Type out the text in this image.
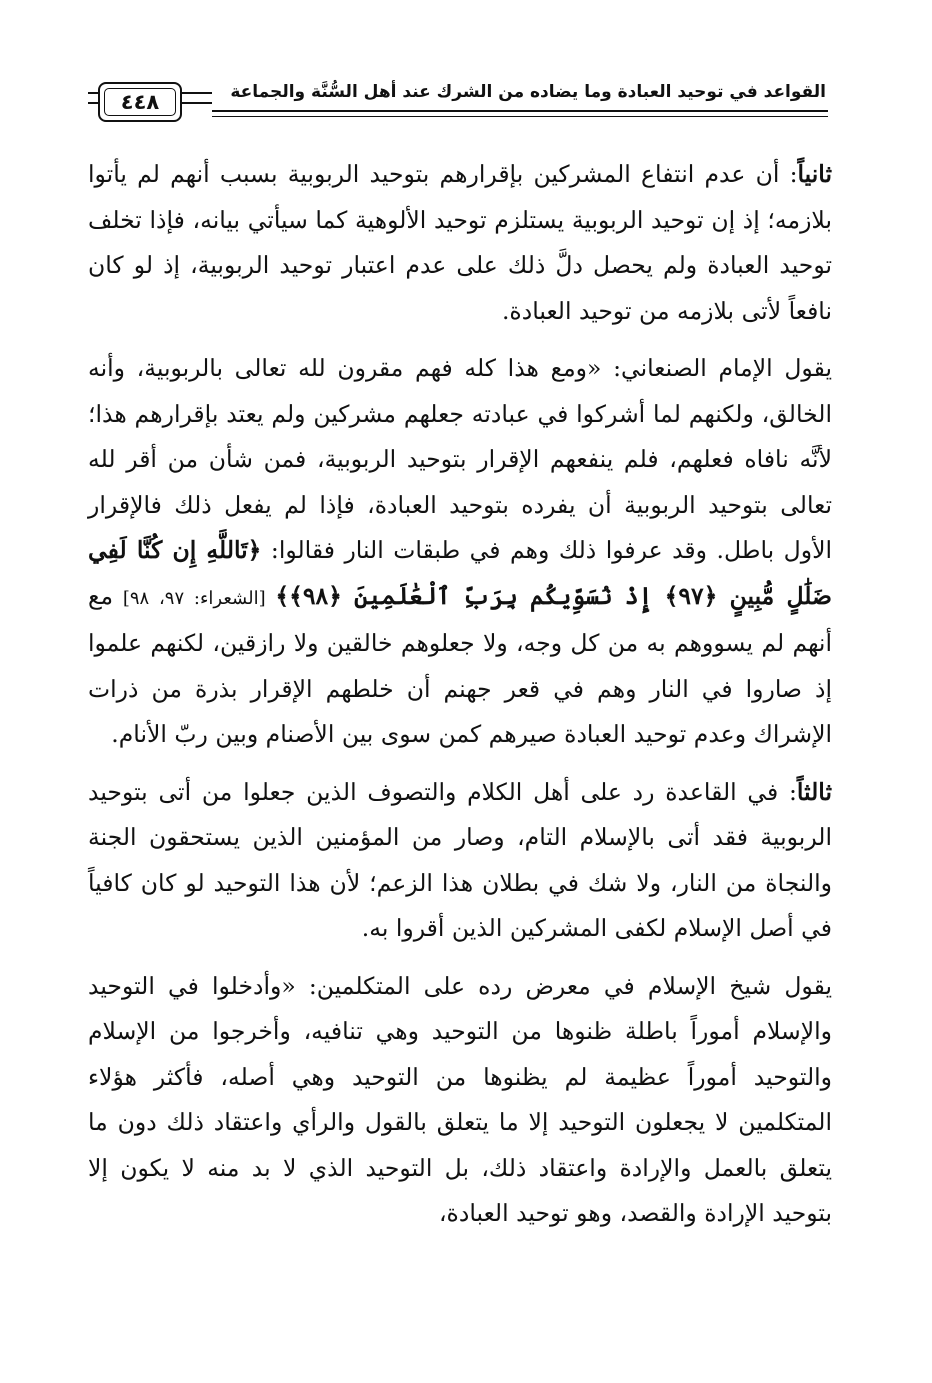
٤٤٨	القواعد في توحيد العبادة وما يضاده من الشرك عند أهل السُّنَّة والجماعة

ثانياً: أن عدم انتفاع المشركين بإقرارهم بتوحيد الربوبية بسبب أنهم لم يأتوا بلازمه؛ إذ إن توحيد الربوبية يستلزم توحيد الألوهية كما سيأتي بيانه، فإذا تخلف توحيد العبادة ولم يحصل دلَّ ذلك على عدم اعتبار توحيد الربوبية، إذ لو كان نافعاً لأتى بلازمه من توحيد العبادة.

يقول الإمام الصنعاني: «ومع هذا كله فهم مقرون لله تعالى بالربوبية، وأنه الخالق، ولكنهم لما أشركوا في عبادته جعلهم مشركين ولم يعتد بإقرارهم هذا؛ لأنَّه نافاه فعلهم، فلم ينفعهم الإقرار بتوحيد الربوبية، فمن شأن من أقر لله تعالى بتوحيد الربوبية أن يفرده بتوحيد العبادة، فإذا لم يفعل ذلك فالإقرار الأول باطل. وقد عرفوا ذلك وهم في طبقات النار فقالوا: ﴿تَاللَّهِ إِن كُنَّا لَفِي ضَلَٰلٍ مُّبِينٍ ﴿٩٧﴾ إِذْ نُسَوِّيكُم بِرَبِّ ٱلْعَٰلَمِينَ ﴿٩٨﴾﴾ [الشعراء: ٩٧، ٩٨] مع أنهم لم يسووهم به من كل وجه، ولا جعلوهم خالقين ولا رازقين، لكنهم علموا إذ صاروا في النار وهم في قعر جهنم أن خلطهم الإقرار بذرة من ذرات الإشراك وعدم توحيد العبادة صيرهم كمن سوى بين الأصنام وبين ربّ الأنام.

ثالثاً: في القاعدة رد على أهل الكلام والتصوف الذين جعلوا من أتى بتوحيد الربوبية فقد أتى بالإسلام التام، وصار من المؤمنين الذين يستحقون الجنة والنجاة من النار، ولا شك في بطلان هذا الزعم؛ لأن هذا التوحيد لو كان كافياً في أصل الإسلام لكفى المشركين الذين أقروا به.

يقول شيخ الإسلام في معرض رده على المتكلمين: «وأدخلوا في التوحيد والإسلام أموراً باطلة ظنوها من التوحيد وهي تنافيه، وأخرجوا من الإسلام والتوحيد أموراً عظيمة لم يظنوها من التوحيد وهي أصله، فأكثر هؤلاء المتكلمين لا يجعلون التوحيد إلا ما يتعلق بالقول والرأي واعتقاد ذلك دون ما يتعلق بالعمل والإرادة واعتقاد ذلك، بل التوحيد الذي لا بد منه لا يكون إلا بتوحيد الإرادة والقصد، وهو توحيد العبادة،
